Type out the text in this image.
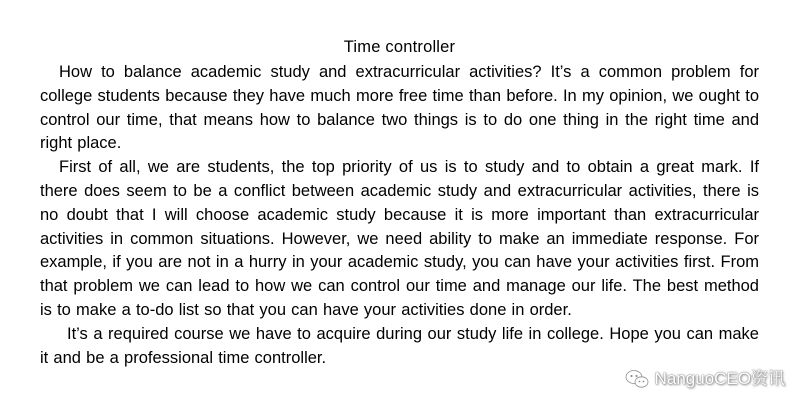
Time controller

How to balance academic study and extracurricular activities? It’s a common problem for college students because they have much more free time than before. In my opinion, we ought to control our time, that means how to balance two things is to do one thing in the right time and right place.

First of all, we are students, the top priority of us is to study and to obtain a great mark. If there does seem to be a conflict between academic study and extracurricular activities, there is no doubt that I will choose academic study because it is more important than extracurricular activities in common situations. However, we need ability to make an immediate response. For example, if you are not in a hurry in your academic study, you can have your activities first. From that problem we can lead to how we can control our time and manage our life. The best method is to make a to-do list so that you can have your activities done in order.

It’s a required course we have to acquire during our study life in college. Hope you can make it and be a professional time controller.

NanguoCEO资讯
